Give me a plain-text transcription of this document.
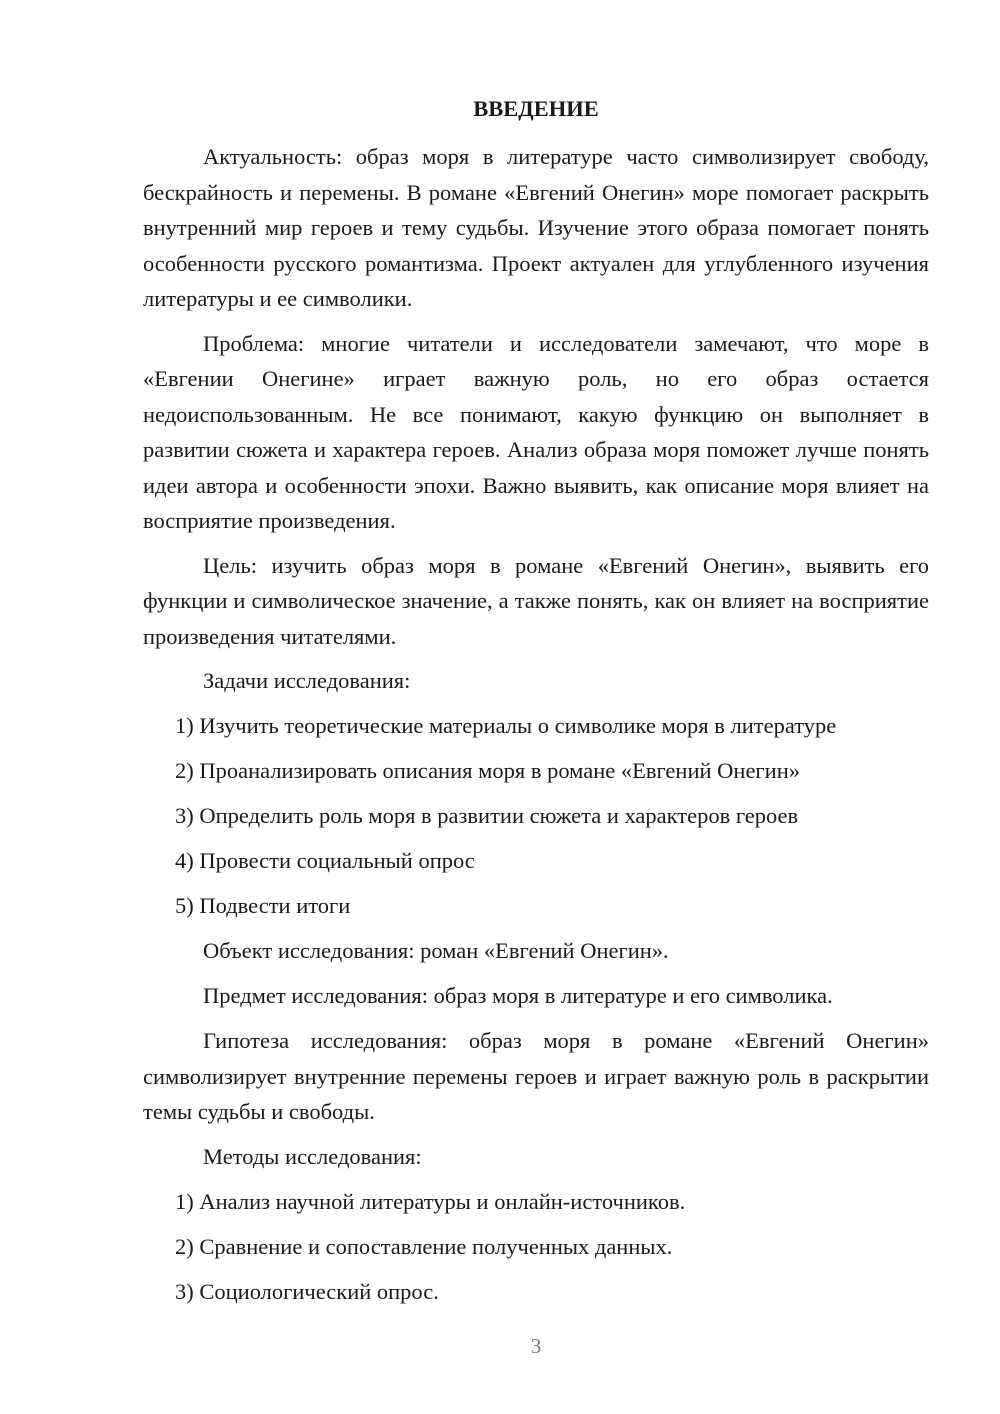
ВВЕДЕНИЕ

Актуальность: образ моря в литературе часто символизирует свободу, бескрайность и перемены. В романе «Евгений Онегин» море помогает раскрыть внутренний мир героев и тему судьбы. Изучение этого образа помогает понять особенности русского романтизма. Проект актуален для углубленного изучения литературы и ее символики.

Проблема: многие читатели и исследователи замечают, что море в «Евгении Онегине» играет важную роль, но его образ остается недоиспользованным. Не все понимают, какую функцию он выполняет в развитии сюжета и характера героев. Анализ образа моря поможет лучше понять идеи автора и особенности эпохи. Важно выявить, как описание моря влияет на восприятие произведения.

Цель: изучить образ моря в романе «Евгений Онегин», выявить его функции и символическое значение, а также понять, как он влияет на восприятие произведения читателями.

Задачи исследования:
1) Изучить теоретические материалы о символике моря в литературе
2) Проанализировать описания моря в романе «Евгений Онегин»
3) Определить роль моря в развитии сюжета и характеров героев
4) Провести социальный опрос
5) Подвести итоги
Объект исследования: роман «Евгений Онегин».
Предмет исследования: образ моря в литературе и его символика.

Гипотеза исследования: образ моря в романе «Евгений Онегин» символизирует внутренние перемены героев и играет важную роль в раскрытии темы судьбы и свободы.

Методы исследования:
1) Анализ научной литературы и онлайн-источников.
2) Сравнение и сопоставление полученных данных.
3) Социологический опрос.
3
